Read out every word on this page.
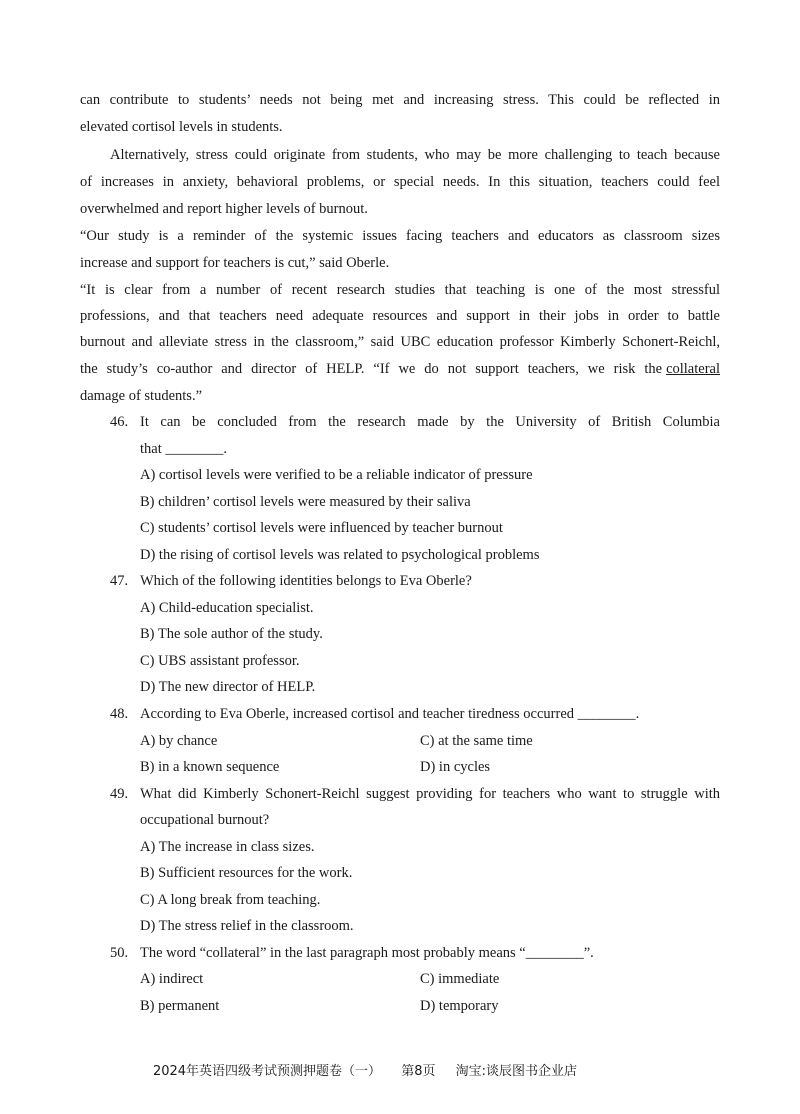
can contribute to students’ needs not being met and increasing stress. This could be reflected in
elevated cortisol levels in students.
Alternatively, stress could originate from students, who may be more challenging to teach because
of increases in anxiety, behavioral problems, or special needs. In this situation, teachers could feel
overwhelmed and report higher levels of burnout.
“Our study is a reminder of the systemic issues facing teachers and educators as classroom sizes
increase and support for teachers is cut,” said Oberle.
“It is clear from a number of recent research studies that teaching is one of the most stressful
professions, and that teachers need adequate resources and support in their jobs in order to battle
burnout and alleviate stress in the classroom,” said UBC education professor Kimberly Schonert-Reichl,
the study’s co-author and director of HELP. “If we do not support teachers, we risk the collateral
damage of students.”
46. It can be concluded from the research made by the University of British Columbia
that ________.
A) cortisol levels were verified to be a reliable indicator of pressure
B) children’ cortisol levels were measured by their saliva
C) students’ cortisol levels were influenced by teacher burnout
D) the rising of cortisol levels was related to psychological problems
47. Which of the following identities belongs to Eva Oberle?
A) Child-education specialist.
B) The sole author of the study.
C) UBS assistant professor.
D) The new director of HELP.
48. According to Eva Oberle, increased cortisol and teacher tiredness occurred ________.
A) by chance	C) at the same time
B) in a known sequence	D) in cycles
49. What did Kimberly Schonert-Reichl suggest providing for teachers who want to struggle with
occupational burnout?
A) The increase in class sizes.
B) Sufficient resources for the work.
C) A long break from teaching.
D) The stress relief in the classroom.
50. The word “collateral” in the last paragraph most probably means “________”.
A) indirect	C) immediate
B) permanent	D) temporary
2024年英语四级考试预测押题卷（一） 第8页 淘宝:谈辰图书企业店
